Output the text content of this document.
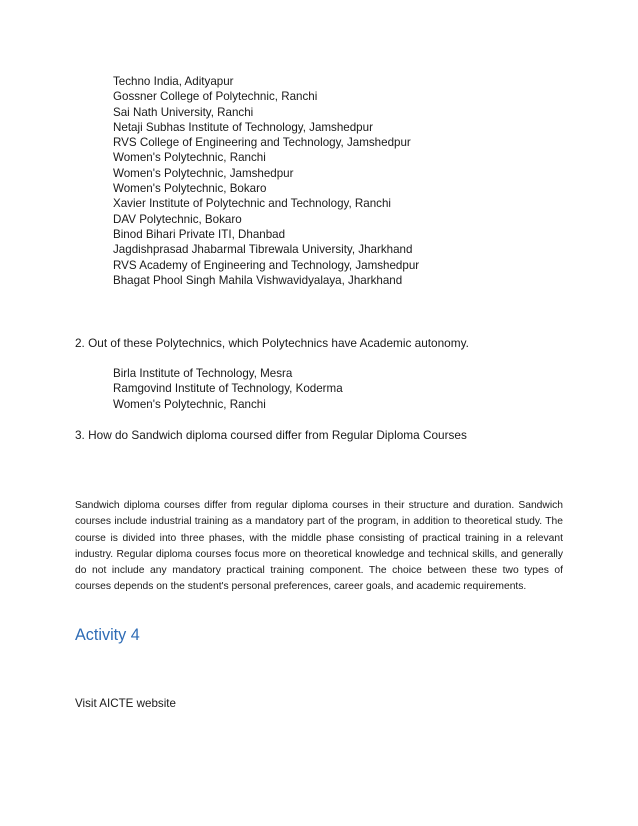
Techno India, Adityapur
Gossner College of Polytechnic, Ranchi
Sai Nath University, Ranchi
Netaji Subhas Institute of Technology, Jamshedpur
RVS College of Engineering and Technology, Jamshedpur
Women's Polytechnic, Ranchi
Women's Polytechnic, Jamshedpur
Women's Polytechnic, Bokaro
Xavier Institute of Polytechnic and Technology, Ranchi
DAV Polytechnic, Bokaro
Binod Bihari Private ITI, Dhanbad
Jagdishprasad Jhabarmal Tibrewala University, Jharkhand
RVS Academy of Engineering and Technology, Jamshedpur
Bhagat Phool Singh Mahila Vishwavidyalaya, Jharkhand
2. Out of these Polytechnics, which Polytechnics have Academic autonomy.
Birla Institute of Technology, Mesra
Ramgovind Institute of Technology, Koderma
Women's Polytechnic, Ranchi
3. How do Sandwich diploma coursed differ from Regular Diploma Courses

Sandwich diploma courses differ from regular diploma courses in their structure and duration. Sandwich courses include industrial training as a mandatory part of the program, in addition to theoretical study. The course is divided into three phases, with the middle phase consisting of practical training in a relevant industry. Regular diploma courses focus more on theoretical knowledge and technical skills, and generally do not include any mandatory practical training component. The choice between these two types of courses depends on the student's personal preferences, career goals, and academic requirements.

Activity 4
Visit AICTE website
